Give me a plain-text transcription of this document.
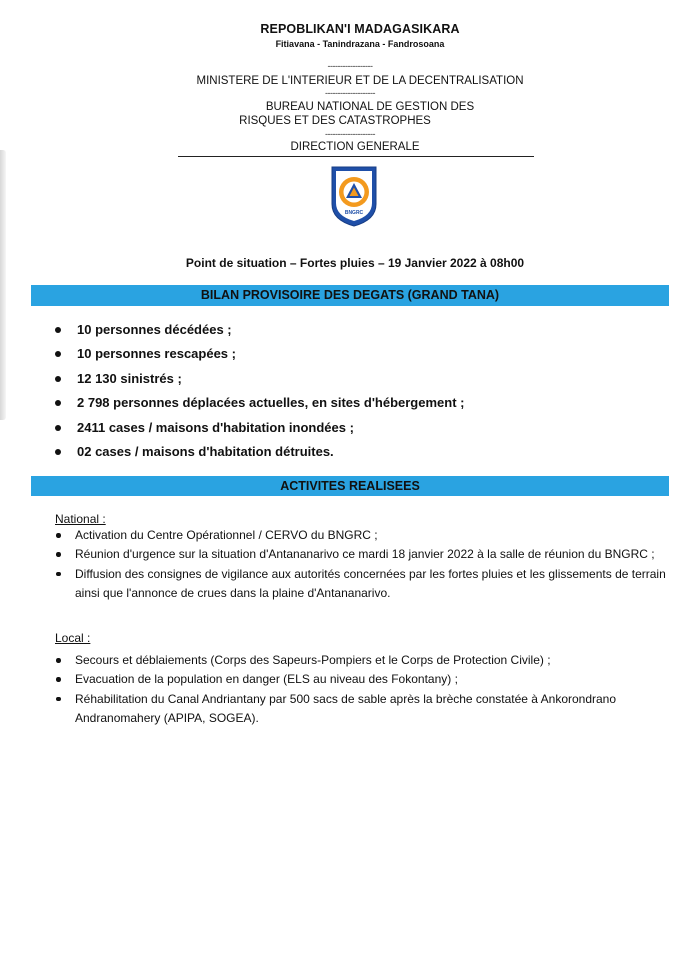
REPOBLIKAN'I MADAGASIKARA
Fitiavana - Tanindrazana - Fandrosoana
------------------
MINISTERE DE L'INTERIEUR ET DE LA DECENTRALISATION
--------------------
BUREAU NATIONAL DE GESTION DES
RISQUES ET DES CATASTROPHES
--------------------
DIRECTION GENERALE
BNGRC
Point de situation – Fortes pluies – 19 Janvier 2022 à 08h00
BILAN PROVISOIRE DES DEGATS (GRAND TANA)
10 personnes décédées ;
10 personnes rescapées ;
12 130 sinistrés ;
2 798 personnes déplacées actuelles, en sites d'hébergement ;
2411 cases / maisons d'habitation inondées ;
02 cases / maisons d'habitation détruites.
ACTIVITES REALISEES
National :
Activation du Centre Opérationnel / CERVO du BNGRC ;
Réunion d'urgence sur la situation d'Antananarivo ce mardi 18 janvier 2022 à la salle de réunion du BNGRC ;
Diffusion des consignes de vigilance aux autorités concernées par les fortes pluies et les glissements de terrain ainsi que l'annonce de crues dans la plaine d'Antananarivo.
Local :
Secours et déblaiements (Corps des Sapeurs-Pompiers et le Corps de Protection Civile) ;
Evacuation de la population en danger (ELS au niveau des Fokontany) ;
Réhabilitation du Canal Andriantany par 500 sacs de sable après la brèche constatée à Ankorondrano Andranomahery (APIPA, SOGEA).
